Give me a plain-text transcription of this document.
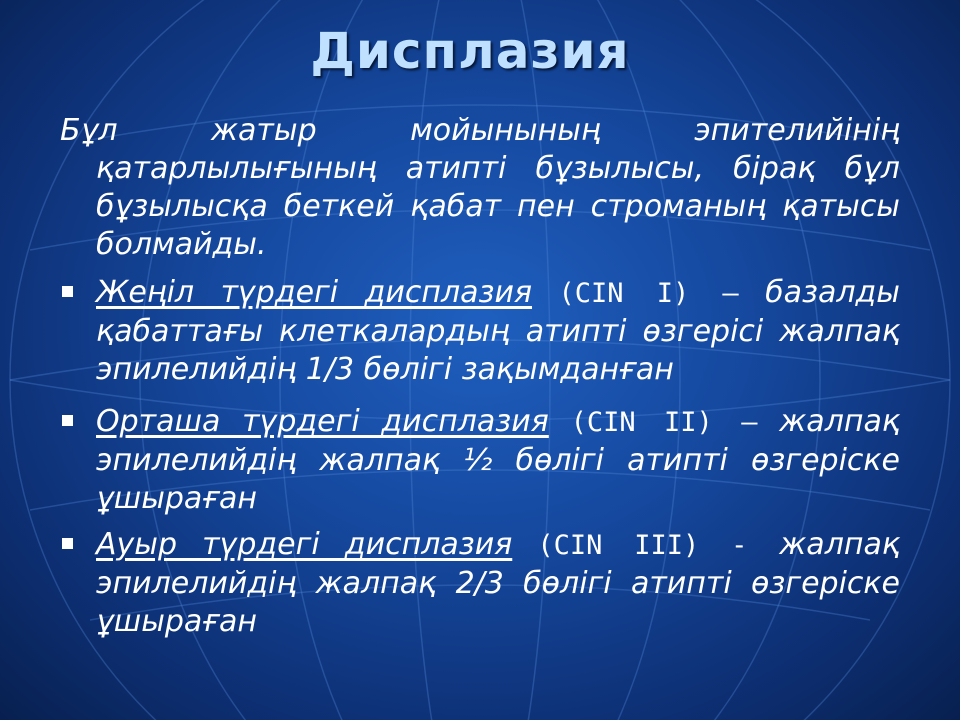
Дисплазия

Бұл жатыр мойынының эпителийінің қатарлылығының атипті бұзылысы, бірақ бұл бұзылысқа беткей қабат пен строманың қатысы болмайды.

Жеңіл түрдегі дисплазия (CIN I) – базалды қабаттағы клеткалардың атипті өзгерісі жалпақ эпилелийдің 1/3 бөлігі зақымданған

Орташа түрдегі дисплазия (CIN II) – жалпақ эпилелийдің жалпақ ½ бөлігі атипті өзгеріске ұшыраған

Ауыр түрдегі дисплазия (CIN III) - жалпақ эпилелийдің жалпақ 2/3 бөлігі атипті өзгеріске ұшыраған
